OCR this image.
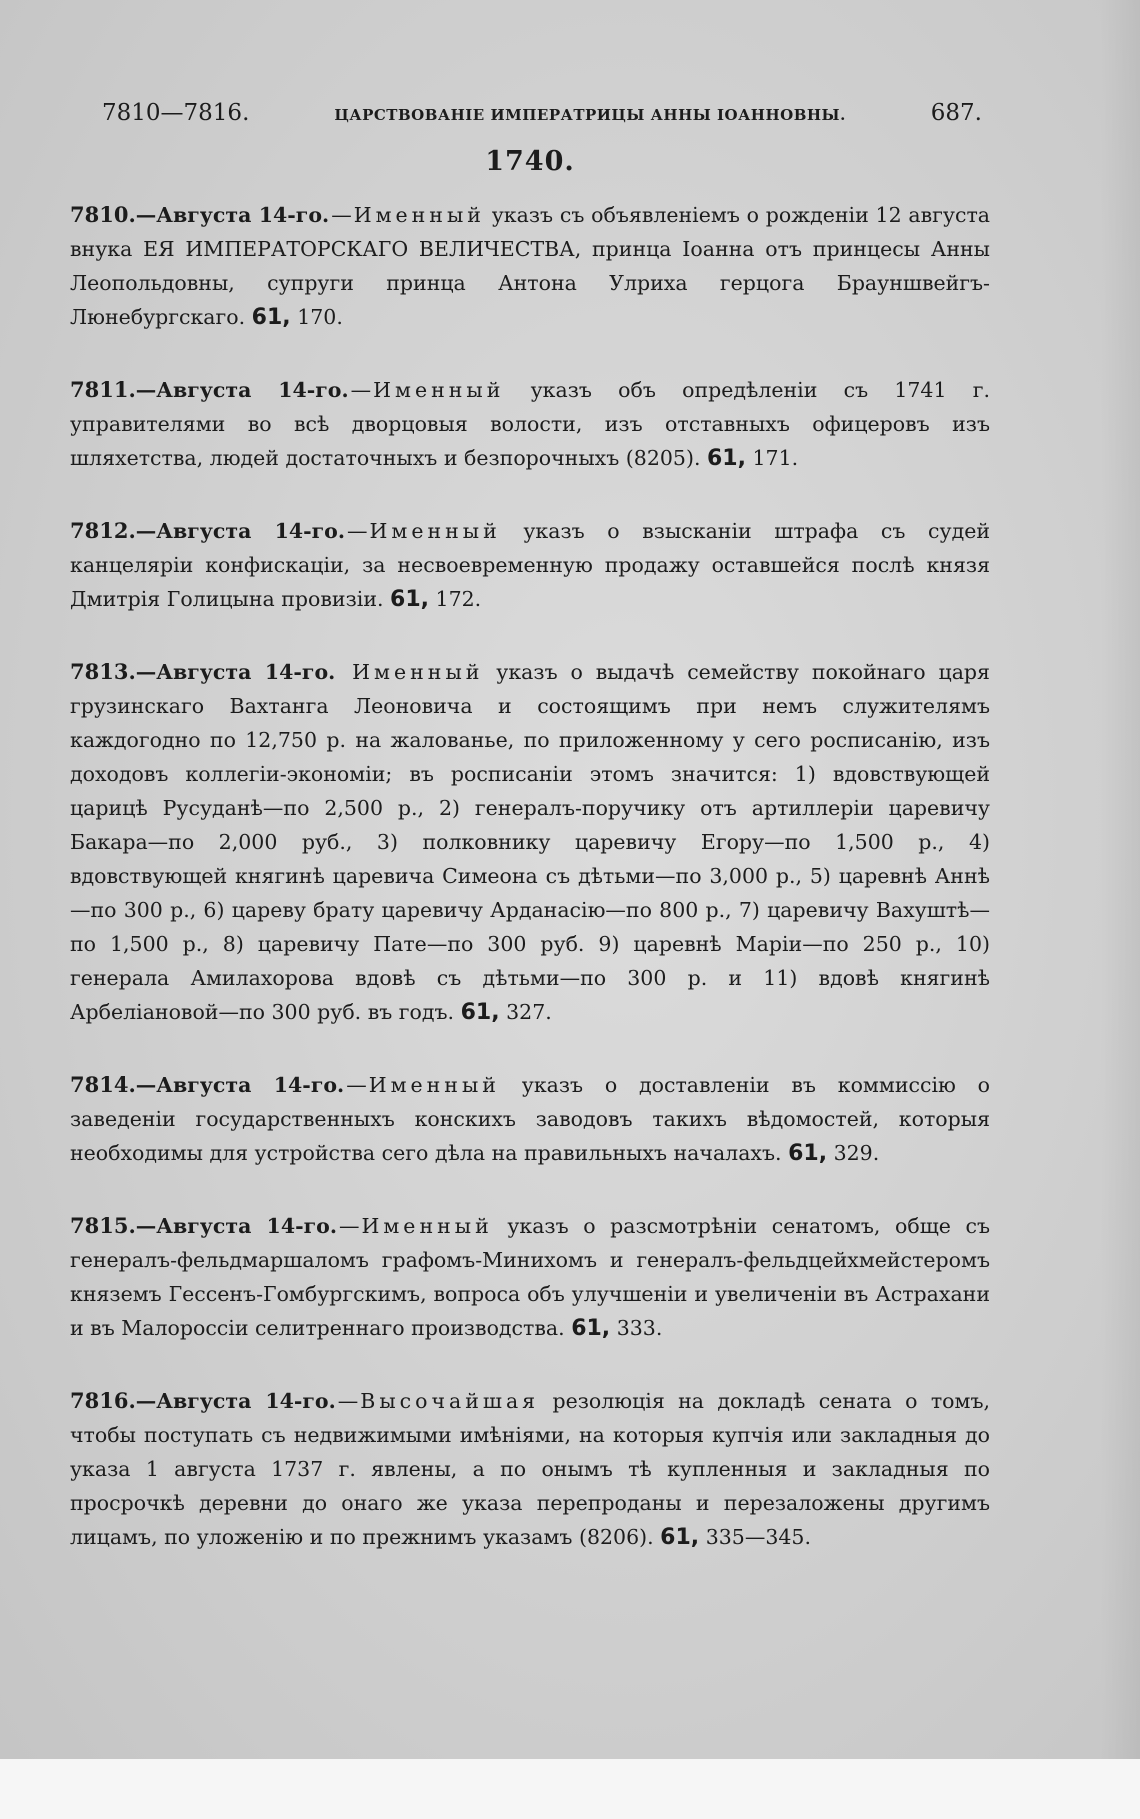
7810—7816.	ЦАРСТВОВАНІЕ ИМПЕРАТРИЦЫ АННЫ ІОАННОВНЫ.	687.
1740.

7810.—Августа 14-го.—Именный указъ съ объявленіемъ о рожденіи 12 августа внука ЕЯ ИМПЕРАТОРСКАГО ВЕЛИЧЕСТВА, принца Іоанна отъ принцесы Анны Леопольдовны, супруги принца Антона Улриха герцога Брауншвейгъ-Люнебургскаго. 61, 170.

7811.—Августа 14-го.—Именный указъ объ опредѣленіи съ 1741 г. управителями во всѣ дворцовыя волости, изъ отставныхъ офицеровъ изъ шляхетства, людей достаточныхъ и безпорочныхъ (8205). 61, 171.

7812.—Августа 14-го.—Именный указъ о взысканіи штрафа съ судей канцеляріи конфискаціи, за несвоевременную продажу оставшейся послѣ князя Дмитрія Голицына провизіи. 61, 172.

7813.—Августа 14-го. Именный указъ о выдачѣ семейству покойнаго царя грузинскаго Вахтанга Леоновича и состоящимъ при немъ служителямъ каждогодно по 12,750 р. на жалованье, по приложенному у сего росписанію, изъ доходовъ коллегіи-экономіи; въ росписаніи этомъ значится: 1) вдовствующей царицѣ Русуданѣ—по 2,500 р., 2) генералъ-поручику отъ артиллеріи царевичу Бакара—по 2,000 руб., 3) полковнику царевичу Егору—по 1,500 р., 4) вдовствующей княгинѣ царевича Симеона съ дѣтьми—по 3,000 р., 5) царевнѣ Аннѣ—по 300 р., 6) цареву брату царевичу Арданасію—по 800 р., 7) царевичу Вахуштѣ—по 1,500 р., 8) царевичу Пате—по 300 руб. 9) царевнѣ Маріи—по 250 р., 10) генерала Амилахорова вдовѣ съ дѣтьми—по 300 р. и 11) вдовѣ княгинѣ Арбеліановой—по 300 руб. въ годъ. 61, 327.

7814.—Августа 14-го.—Именный указъ о доставленіи въ коммиссію о заведеніи государственныхъ конскихъ заводовъ такихъ вѣдомостей, которыя необходимы для устройства сего дѣла на правильныхъ началахъ. 61, 329.

7815.—Августа 14-го.—Именный указъ о разсмотрѣніи сенатомъ, обще съ генералъ-фельдмаршаломъ графомъ-Минихомъ и генералъ-фельдцейхмейстеромъ княземъ Гессенъ-Гомбургскимъ, вопроса объ улучшеніи и увеличеніи въ Астрахани и въ Малороссіи селитреннаго производства. 61, 333.

7816.—Августа 14-го.—Высочайшая резолюція на докладѣ сената о томъ, чтобы поступать съ недвижимыми имѣніями, на которыя купчія или закладныя до указа 1 августа 1737 г. явлены, а по онымъ тѣ купленныя и закладныя по просрочкѣ деревни до онаго же указа перепроданы и перезаложены другимъ лицамъ, по уложенію и по прежнимъ указамъ (8206). 61, 335—345.
